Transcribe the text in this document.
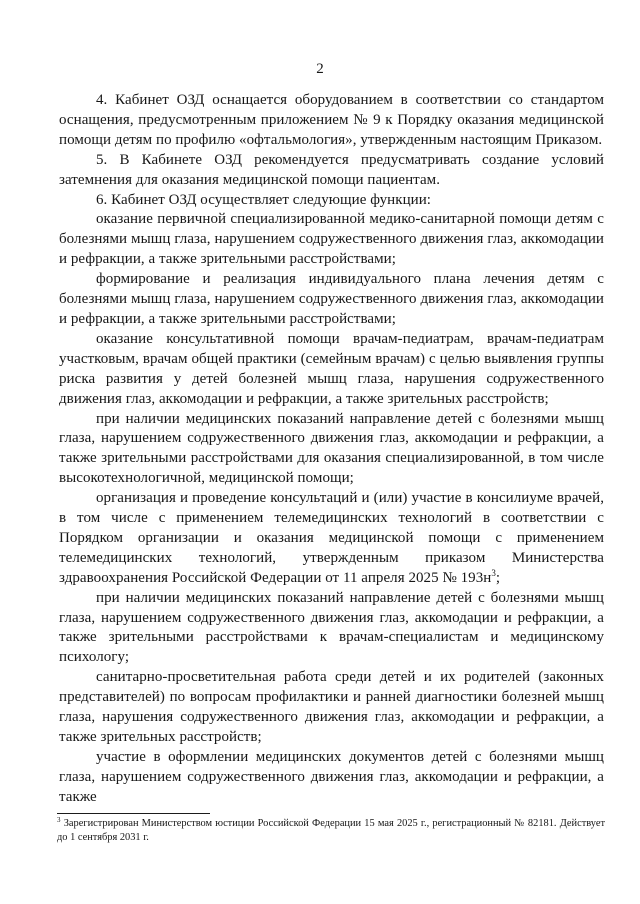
2

4. Кабинет ОЗД оснащается оборудованием в соответствии со стандартом оснащения, предусмотренным приложением № 9 к Порядку оказания медицинской помощи детям по профилю «офтальмология», утвержденным настоящим Приказом.

5. В Кабинете ОЗД рекомендуется предусматривать создание условий затемнения для оказания медицинской помощи пациентам.

6. Кабинет ОЗД осуществляет следующие функции:

оказание первичной специализированной медико-санитарной помощи детям с болезнями мышц глаза, нарушением содружественного движения глаз, аккомодации и рефракции, а также зрительными расстройствами;

формирование и реализация индивидуального плана лечения детям с болезнями мышц глаза, нарушением содружественного движения глаз, аккомодации и рефракции, а также зрительными расстройствами;

оказание консультативной помощи врачам-педиатрам, врачам-педиатрам участковым, врачам общей практики (семейным врачам) с целью выявления группы риска развития у детей болезней мышц глаза, нарушения содружественного движения глаз, аккомодации и рефракции, а также зрительных расстройств;

при наличии медицинских показаний направление детей с болезнями мышц глаза, нарушением содружественного движения глаз, аккомодации и рефракции, а также зрительными расстройствами для оказания специализированной, в том числе высокотехнологичной, медицинской помощи;

организация и проведение консультаций и (или) участие в консилиуме врачей, в том числе с применением телемедицинских технологий в соответствии с Порядком организации и оказания медицинской помощи с применением телемедицинских технологий, утвержденным приказом Министерства здравоохранения Российской Федерации от 11 апреля 2025 № $193н^3$;

при наличии медицинских показаний направление детей с болезнями мышц глаза, нарушением содружественного движения глаз, аккомодации и рефракции, а также зрительными расстройствами к врачам-специалистам и медицинскому психологу;

санитарно-просветительная работа среди детей и их родителей (законных представителей) по вопросам профилактики и ранней диагностики болезней мышц глаза, нарушения содружественного движения глаз, аккомодации и рефракции, а также зрительных расстройств;

участие в оформлении медицинских документов детей с болезнями мышц глаза, нарушением содружественного движения глаз, аккомодации и рефракции, а также

$^3$ Зарегистрирован Министерством юстиции Российской Федерации 15 мая 2025 г., регистрационный № 82181. Действует до 1 сентября 2031 г.
